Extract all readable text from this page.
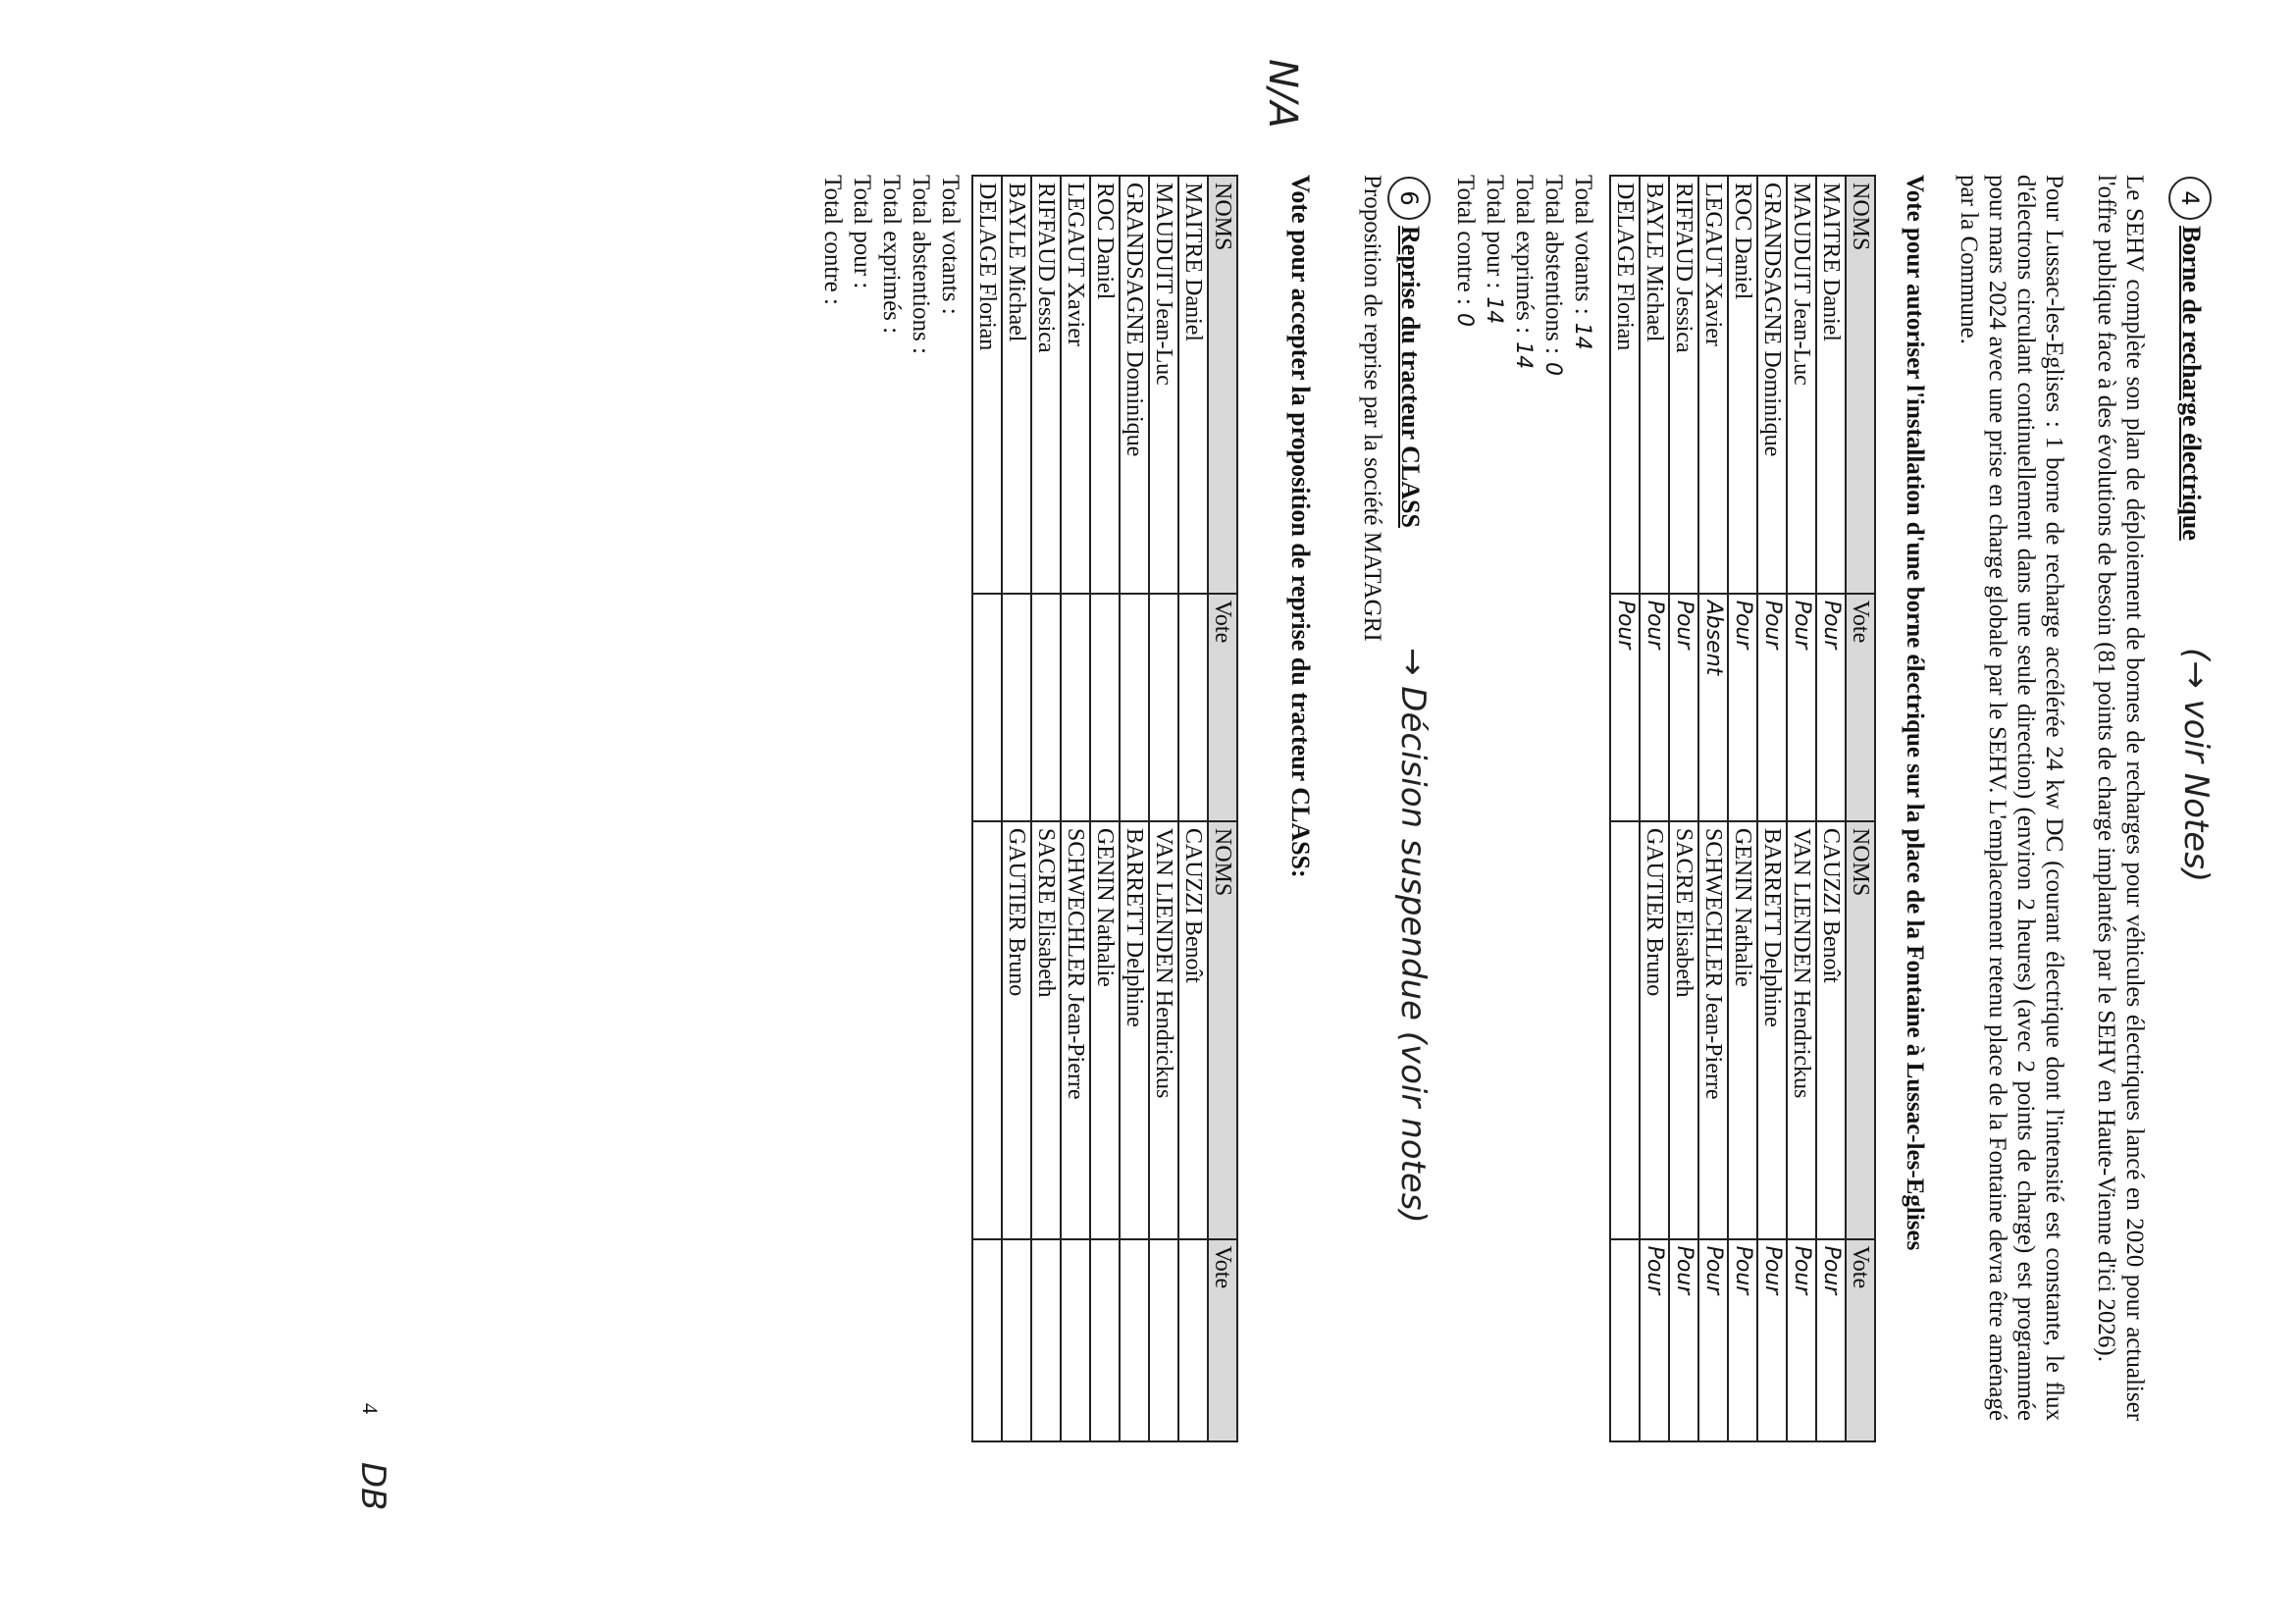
4
Borne de recharge électrique
(→ voir Notes)

Le SEHV complète son plan de déploiement de bornes de recharges pour véhicules électriques lancé en 2020 pour actualiser l'offre publique face à des évolutions de besoin (81 points de charge implantés par le SEHV en Haute-Vienne d'ici 2026).

Pour Lussac-les-Eglises : 1 borne de recharge accélérée 24 kw DC (courant électrique dont l'intensité est constante, le flux d'électrons circulant continuellement dans une seule direction) (environ 2 heures) (avec 2 points de charge) est programmée pour mars 2024 avec une prise en charge globale par le SEHV. L'emplacement retenu place de la Fontaine devra être aménagé par la Commune.

Vote pour autoriser l'installation d'une borne électrique sur la place de la Fontaine à Lussac-les-Eglises

NOMS	Vote	NOMS	Vote
MAITRE Daniel	Pour	CAUZZI Benoît	Pour
MAUDUIT Jean-Luc	Pour	VAN LIENDEN Hendrickus	Pour
GRANDSAGNE Dominique	Pour	BARRETT Delphine	Pour
ROC Daniel	Pour	GENIN Nathalie	Pour
LEGAUT Xavier	Absent	SCHWECHLER Jean-Pierre	Pour
RIFFAUD Jessica	Pour	SACRE Elisabeth	Pour
BAYLE Michael	Pour	GAUTIER Bruno	Pour
DELAGE Florian	Pour		
Total votants :14
Total abstentions :0
Total exprimés :14
Total pour :14
Total contre :0
6
Reprise du tracteur CLASS
→ Décision suspendue (voir notes)
Proposition de reprise par la société MATAGRI
N/A
Vote pour accepter la proposition de reprise du tracteur CLASS:
NOMS	Vote	NOMS	Vote
MAITRE Daniel		CAUZZI Benoît	
MAUDUIT Jean-Luc		VAN LIENDEN Hendrickus	
GRANDSAGNE Dominique		BARRETT Delphine	
ROC Daniel		GENIN Nathalie	
LEGAUT Xavier		SCHWECHLER Jean-Pierre	
RIFFAUD Jessica		SACRE Elisabeth	
BAYLE Michael		GAUTIER Bruno	
DELAGE Florian			
Total votants :
Total abstentions :
Total exprimés :
Total pour :
Total contre :
4
DB
